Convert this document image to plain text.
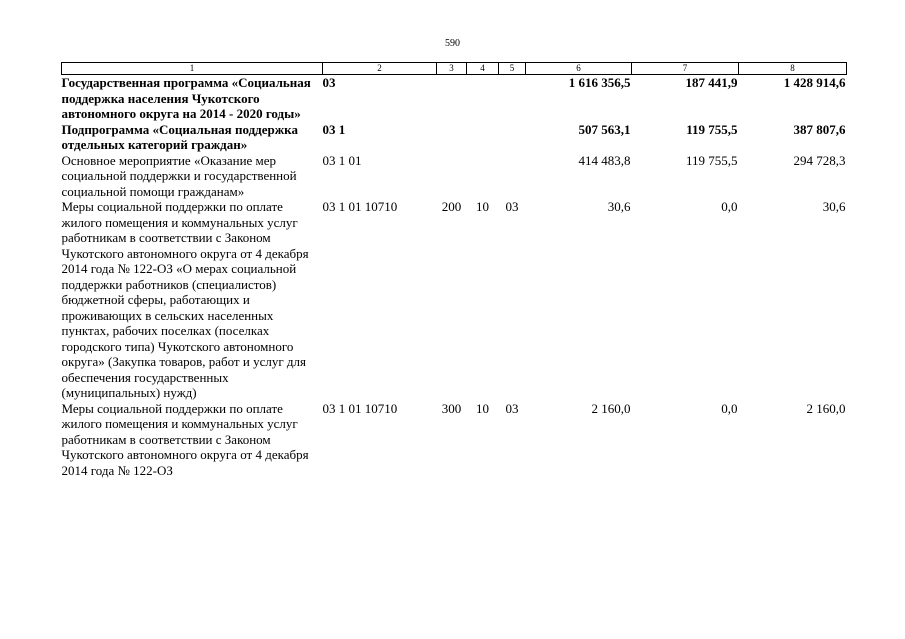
590
1	2	3	4	5	6	7	8
Государственная программа «Социальная поддержка населения Чукотского автономного округа на 2014 - 2020 годы»	03				1 616 356,5	187 441,9	1 428 914,6
Подпрограмма «Социальная поддержка отдельных категорий граждан»	03 1				507 563,1	119 755,5	387 807,6
Основное мероприятие «Оказание мер социальной поддержки и государственной социальной помощи гражданам»	03 1 01				414 483,8	119 755,5	294 728,3
Меры социальной поддержки по оплате жилого помещения и коммунальных услуг работникам в соответствии с Законом Чукотского автономного округа от 4 декабря 2014 года № 122-ОЗ «О мерах социальной поддержки работников (специалистов) бюджетной сферы, работающих и проживающих в сельских населенных пунктах, рабочих поселках (поселках городского типа) Чукотского автономного округа» (Закупка товаров, работ и услуг для обеспечения государственных (муниципальных) нужд)	03 1 01 10710	200	10	03	30,6	0,0	30,6
Меры социальной поддержки по оплате жилого помещения и коммунальных услуг работникам в соответствии с Законом Чукотского автономного округа от 4 декабря 2014 года № 122-ОЗ	03 1 01 10710	300	10	03	2 160,0	0,0	2 160,0
